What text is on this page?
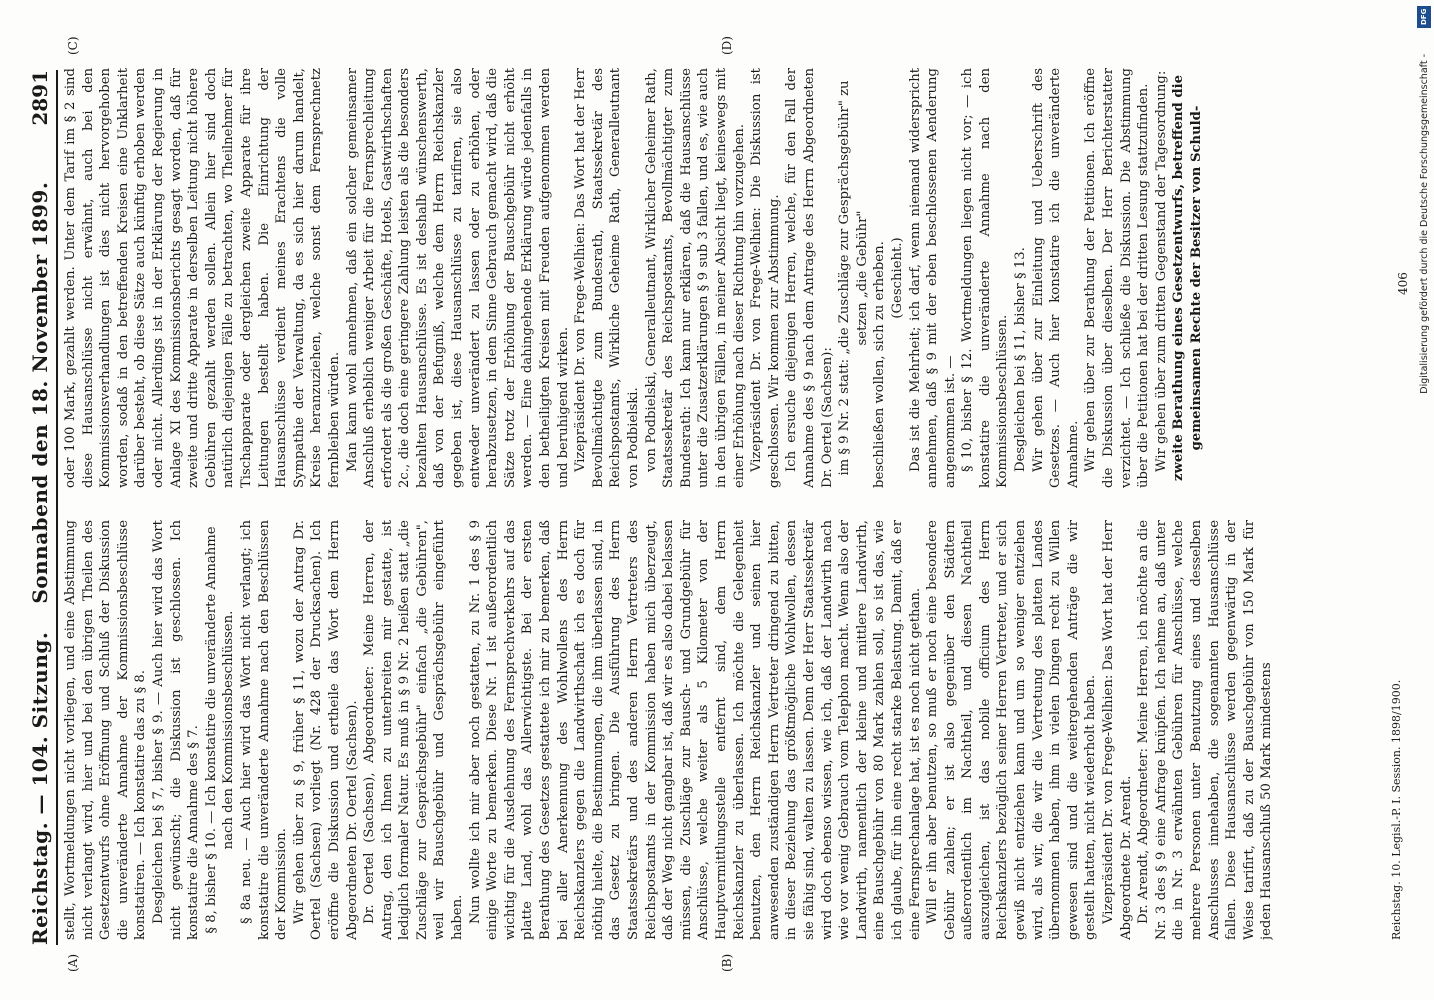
Reichstag. — 104. Sitzung.
Sonnabend den 18. November 1899.
2891
(A)	(B)
(C)	(D)

stellt, Wortmeldungen nicht vorliegen, und eine Abstimmung nicht verlangt wird, hier und bei den übrigen Theilen des Gesetzentwurfs ohne Eröffnung und Schluß der Diskussion die unveränderte Annahme der Kommissionsbeschlüsse konstatiren. — Ich konstatire das zu § 8. Desgleichen bei § 7, bisher § 9. — Auch hier wird das Wort nicht gewünscht; die Diskussion ist geschlossen. Ich konstatire die Annahme des § 7. § 8, bisher § 10. — Ich konstatire die unveränderte Annahme nach den Kommissionsbeschlüssen. § 8a neu. — Auch hier wird das Wort nicht verlangt; ich konstatire die unveränderte Annahme nach den Beschlüssen der Kommission. Wir gehen über zu § 9, früher § 11, wozu der Antrag Dr. Oertel (Sachsen) vorliegt (Nr. 428 der Drucksachen). Ich eröffne die Diskussion und ertheile das Wort dem Herrn Abgeordneten Dr. Oertel (Sachsen). Dr. Oertel (Sachsen), Abgeordneter: Meine Herren, der Antrag, den ich Ihnen zu unterbreiten mir gestatte, ist lediglich formaler Natur. Es muß in § 9 Nr. 2 heißen statt „die Zuschläge zur Gesprächsgebühr" einfach „die Gebühren", weil wir Bauschgebühr und Gesprächsgebühr eingeführt haben. Nun wollte ich mir aber noch gestatten, zu Nr. 1 des § 9 einige Worte zu bemerken. Diese Nr. 1 ist außerordentlich wichtig für die Ausdehnung des Fernsprechverkehrs auf das platte Land, wohl das Allerwichtigste. Bei der ersten Berathung des Gesetzes gestattete ich mir zu bemerken, daß bei aller Anerkennung des Wohlwollens des Herrn Reichskanzlers gegen die Landwirthschaft ich es doch für nöthig hielte, die Bestimmungen, die ihm überlassen sind, in das Gesetz zu bringen. Die Ausführung des Herrn Staatssekretärs und des anderen Herrn Vertreters des Reichspostamts in der Kommission haben mich überzeugt, daß der Weg nicht gangbar ist, daß wir es also dabei belassen müssen, die Zuschläge zur Bausch- und Grundgebühr für Anschlüsse, welche weiter als 5 Kilometer von der Hauptvermittlungsstelle entfernt sind, dem Herrn Reichskanzler zu überlassen. Ich möchte die Gelegenheit benutzen, den Herrn Reichskanzler und seinen hier anwesenden zuständigen Herrn Vertreter dringend zu bitten, in dieser Beziehung das größtmögliche Wohlwollen, dessen sie fähig sind, walten zu lassen. Denn der Herr Staatssekretär wird doch ebenso wissen, wie ich, daß der Landwirth nach wie vor wenig Gebrauch vom Telephon macht. Wenn also der Landwirth, namentlich der kleine und mittlere Landwirth, eine Bauschgebühr von 80 Mark zahlen soll, so ist das, wie ich glaube, für ihn eine recht starke Belastung. Damit, daß er eine Fernsprechanlage hat, ist es noch nicht gethan. Will er ihn aber benutzen, so muß er noch eine besondere Gebühr zahlen; er ist also gegenüber den Städtern außerordentlich im Nachtheil, und diesen Nachtheil auszugleichen, ist das nobile officium des Herrn Reichskanzlers bezüglich seiner Herren Vertreter, und er sich gewiß nicht entziehen kann und um so weniger entziehen wird, als wir, die wir die Vertretung des platten Landes übernommen haben, ihm in vielen Dingen recht zu Willen gewesen sind und die weitergehenden Anträge die wir gestellt hatten, nicht wiederholt haben. Vizepräsident Dr. von Frege-Welhien: Das Wort hat der Herr Abgeordnete Dr. Arendt. Dr. Arendt, Abgeordneter: Meine Herren, ich möchte an die Nr. 3 des § 9 eine Anfrage knüpfen. Ich nehme an, daß unter die in Nr. 3 erwähnten Gebühren für Anschlüsse, welche mehrere Personen unter Benutzung eines und desselben Anschlusses innehaben, die sogenannten Hausanschlüsse fallen. Diese Hausanschlüsse werden gegenwärtig in der Weise tarifirt, daß zu der Bauschgebühr von 150 Mark für jeden Hausanschluß 50 Mark mindestens

oder 100 Mark, gezahlt werden. Unter dem Tarif im § 2 sind diese Hausanschlüsse nicht erwähnt, auch bei den Kommissionsverhandlungen ist dies nicht hervorgehoben worden, sodaß in den betreffenden Kreisen eine Unklarheit darüber besteht, ob diese Sätze auch künftig erhoben werden oder nicht. Allerdings ist in der Erklärung der Regierung in Anlage XI des Kommissionsberichts gesagt worden, daß für zweite und dritte Apparate in derselben Leitung nicht höhere Gebühren gezahlt werden sollen. Allein hier sind doch natürlich diejenigen Fälle zu betrachten, wo Theilnehmer für Tischapparate oder dergleichen zweite Apparate für ihre Leitungen bestellt haben. Die Einrichtung der Hausanschlüsse verdient meines Erachtens die volle Sympathie der Verwaltung, da es sich hier darum handelt, Kreise heranzuziehen, welche sonst dem Fernsprechnetz fernbleiben würden. Man kann wohl annehmen, daß ein solcher gemeinsamer Anschluß erheblich weniger Arbeit für die Fernsprechleitung erfordert als die großen Geschäfte, Hotels, Gastwirthschaften 2c., die doch eine geringere Zahlung leisten als die besonders bezahlten Hausanschlüsse. Es ist deshalb wünschenswerth, daß von der Befugniß, welche dem Herrn Reichskanzler gegeben ist, diese Hausanschlüsse zu tarifiren, sie also entweder unverändert zu lassen oder zu erhöhen, oder herabzusetzen, in dem Sinne Gebrauch gemacht wird, daß die Sätze trotz der Erhöhung der Bauschgebühr nicht erhöht werden. — Eine dahingehende Erklärung würde jedenfalls in den betheiligten Kreisen mit Freuden aufgenommen werden und beruhigend wirken. Vizepräsident Dr. von Frege-Welhien: Das Wort hat der Herr Bevollmächtigte zum Bundesrath, Staatssekretär des Reichspostamts, Wirkliche Geheime Rath, Generalleutnant von Podbielski. von Podbielski, Generalleutnant, Wirklicher Geheimer Rath, Staatssekretär des Reichspostamts, Bevollmächtigter zum Bundesrath: Ich kann nur erklären, daß die Hausanschlüsse unter die Zusatzerklärungen § 9 sub 3 fallen, und es, wie auch in den übrigen Fällen, in meiner Absicht liegt, keineswegs mit einer Erhöhung nach dieser Richtung hin vorzugehen. Vizepräsident Dr. von Frege-Welhien: Die Diskussion ist geschlossen. Wir kommen zur Abstimmung. Ich ersuche diejenigen Herren, welche, für den Fall der Annahme des § 9 nach dem Antrage des Herrn Abgeordneten Dr. Oertel (Sachsen): im § 9 Nr. 2 statt: „die Zuschläge zur Gesprächsgebühr" zu setzen „die Gebühr" beschließen wollen, sich zu erheben. (Geschieht.) Das ist die Mehrheit; ich darf, wenn niemand widerspricht annehmen, daß § 9 mit der eben beschlossenen Aenderung angenommen ist. — § 10, bisher § 12. Wortmeldungen liegen nicht vor; — ich konstatire die unveränderte Annahme nach den Kommissionsbeschlüssen. Desgleichen bei § 11, bisher § 13. Wir gehen über zur Einleitung und Ueberschrift des Gesetzes. — Auch hier konstatire ich die unveränderte Annahme. Wir gehen über zur Berathung der Petitionen. Ich eröffne die Diskussion über dieselben. Der Herr Berichterstatter verzichtet. — Ich schließe die Diskussion. Die Abstimmung über die Petitionen hat bei der dritten Lesung stattzufinden. Wir gehen über zum dritten Gegenstand der Tagesordnung: zweite Berathung eines Gesetzentwurfs, betreffend die gemeinsamen Rechte der Besitzer von Schuld-

Reichstag. 10. Legisl.-P. I. Session. 1898/1900.
406
DFG
Digitalisierung gefördert durch die Deutsche Forschungsgemeinschaft -
